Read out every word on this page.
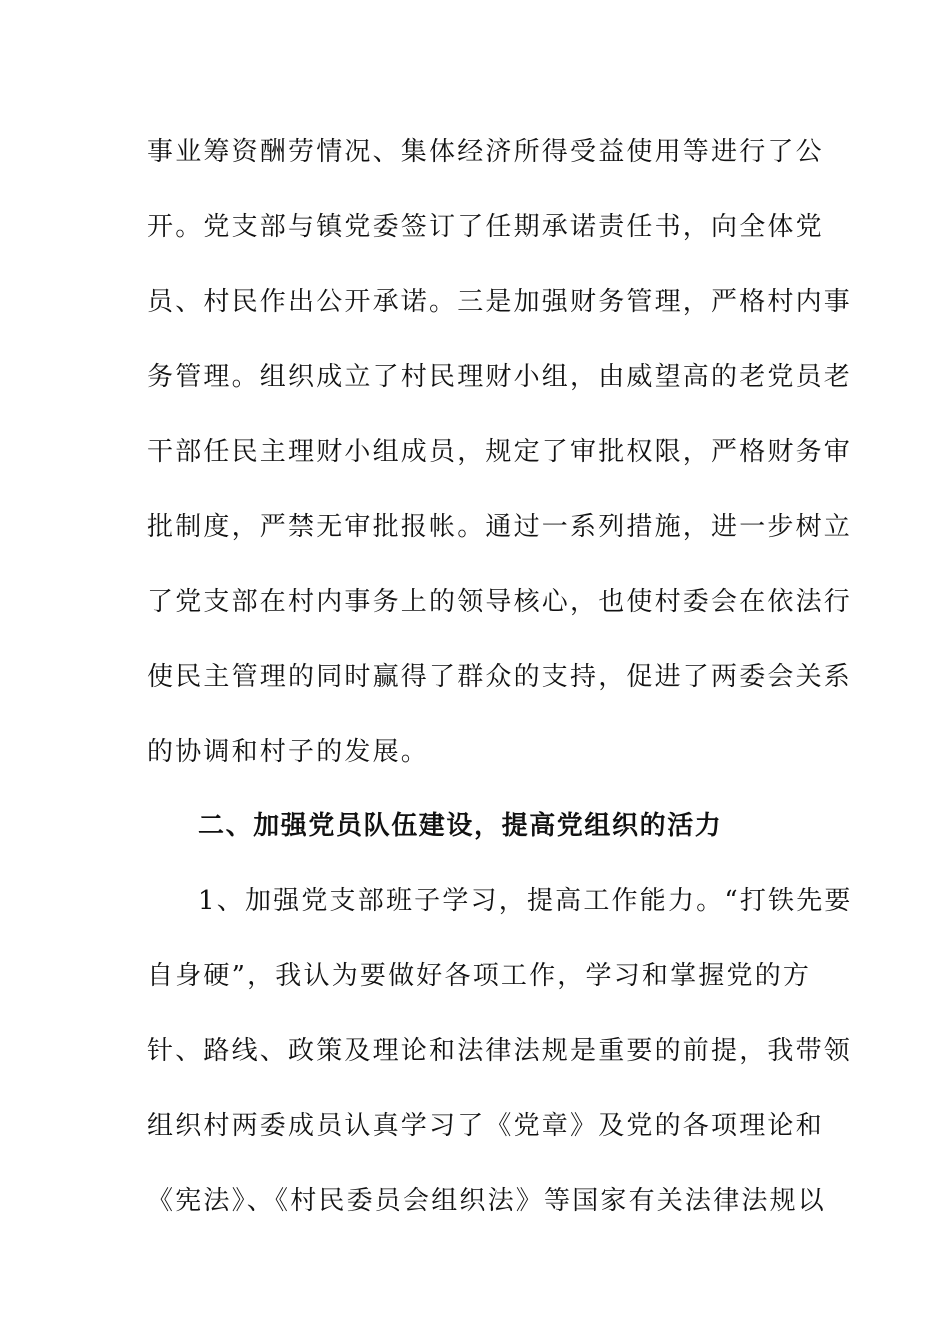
事业筹资酬劳情况、集体经济所得受益使用等进行了公
开。党支部与镇党委签订了任期承诺责任书，向全体党
员、村民作出公开承诺。三是加强财务管理，严格村内事
务管理。组织成立了村民理财小组，由威望高的老党员老
干部任民主理财小组成员，规定了审批权限，严格财务审
批制度，严禁无审批报帐。通过一系列措施，进一步树立
了党支部在村内事务上的领导核心，也使村委会在依法行
使民主管理的同时赢得了群众的支持，促进了两委会关系
的协调和村子的发展。
二、加强党员队伍建设，提高党组织的活力
1、加强党支部班子学习，提高工作能力。“打铁先要
自身硬”，我认为要做好各项工作，学习和掌握党的方
针、路线、政策及理论和法律法规是重要的前提，我带领
组织村两委成员认真学习了《党章》及党的各项理论和
《宪法》、《村民委员会组织法》等国家有关法律法规以
